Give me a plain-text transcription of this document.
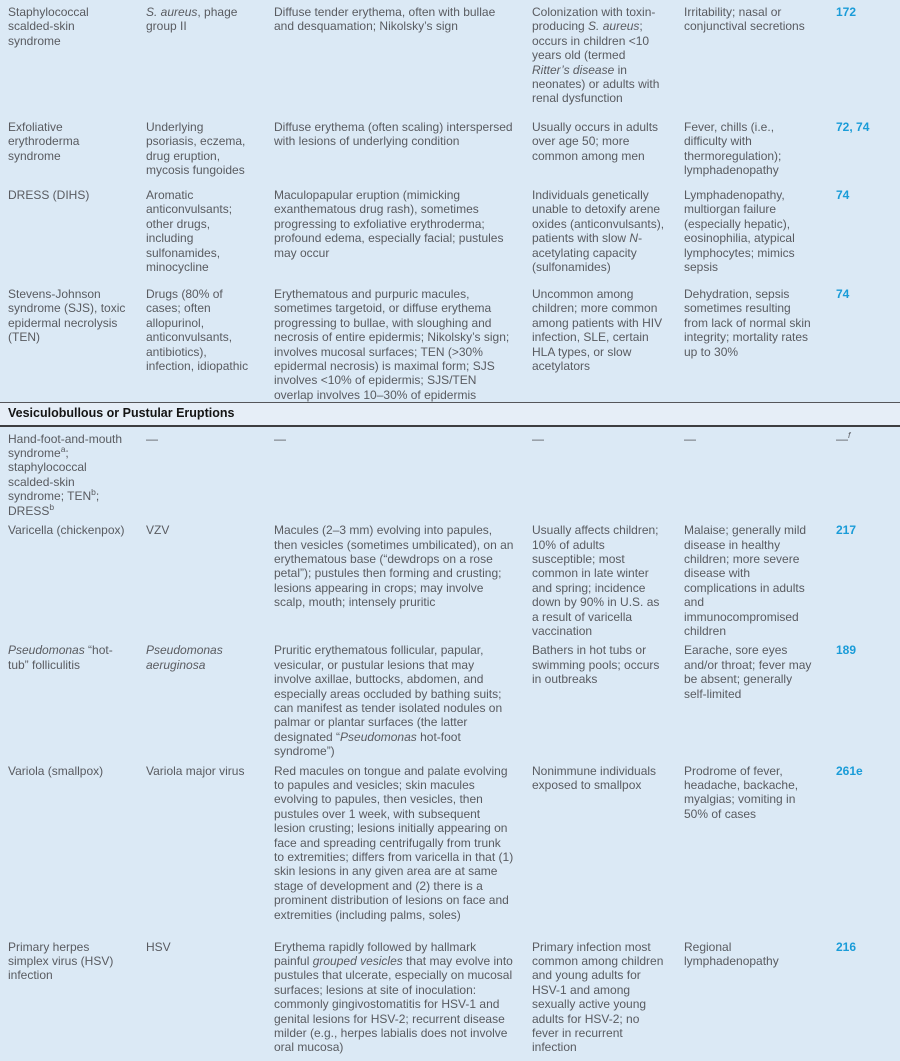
Staphylococcal scalded-skin syndrome	S. aureus, phage group II	Diffuse tender erythema, often with bullae and desquamation; Nikolsky’s sign	Colonization with toxin-producing S. aureus; occurs in children <10 years old (termed Ritter’s disease in neonates) or adults with renal dysfunction	Irritability; nasal or conjunctival secretions	172
Exfoliative erythroderma syndrome	Underlying psoriasis, eczema, drug eruption, mycosis fungoides	Diffuse erythema (often scaling) interspersed with lesions of underlying condition	Usually occurs in adults over age 50; more common among men	Fever, chills (i.e., difficulty with thermoregulation); lymphadenopathy	72, 74
DRESS (DIHS)	Aromatic anticonvulsants; other drugs, including sulfonamides, minocycline	Maculopapular eruption (mimicking exanthematous drug rash), sometimes progressing to exfoliative erythroderma; profound edema, especially facial; pustules may occur	Individuals genetically unable to detoxify arene oxides (anticonvulsants), patients with slow N-acetylating capacity (sulfonamides)	Lymphadenopathy, multiorgan failure (especially hepatic), eosinophilia, atypical lymphocytes; mimics sepsis	74
Stevens-Johnson syndrome (SJS), toxic epidermal necrolysis (TEN)	Drugs (80% of cases; often allopurinol, anticonvulsants, antibiotics), infection, idiopathic	Erythematous and purpuric macules, sometimes targetoid, or diffuse erythema progressing to bullae, with sloughing and necrosis of entire epidermis; Nikolsky’s sign; involves mucosal surfaces; TEN (>30% epidermal necrosis) is maximal form; SJS involves <10% of epidermis; SJS/TEN overlap involves 10–30% of epidermis	Uncommon among children; more common among patients with HIV infection, SLE, certain HLA types, or slow acetylators	Dehydration, sepsis sometimes resulting from lack of normal skin integrity; mortality rates up to 30%	74
Vesiculobullous or Pustular Eruptions					
Hand-foot-and-mouth syndrome$^a$; staphylococcal scalded-skin syndrome; TEN$^b$; DRESS$^b$	—	—	—	—	—$^f$
Varicella (chickenpox)	VZV	Macules (2–3 mm) evolving into papules, then vesicles (sometimes umbilicated), on an erythematous base (“dewdrops on a rose petal”); pustules then forming and crusting; lesions appearing in crops; may involve scalp, mouth; intensely pruritic	Usually affects children; 10% of adults susceptible; most common in late winter and spring; incidence down by 90% in U.S. as a result of varicella vaccination	Malaise; generally mild disease in healthy children; more severe disease with complications in adults and immunocompromised children	217
Pseudomonas “hot-tub” folliculitis	Pseudomonas aeruginosa	Pruritic erythematous follicular, papular, vesicular, or pustular lesions that may involve axillae, buttocks, abdomen, and especially areas occluded by bathing suits; can manifest as tender isolated nodules on palmar or plantar surfaces (the latter designated “Pseudomonas hot-foot syndrome”)	Bathers in hot tubs or swimming pools; occurs in outbreaks	Earache, sore eyes and/or throat; fever may be absent; generally self-limited	189
Variola (smallpox)	Variola major virus	Red macules on tongue and palate evolving to papules and vesicles; skin macules evolving to papules, then vesicles, then pustules over 1 week, with subsequent lesion crusting; lesions initially appearing on face and spreading centrifugally from trunk to extremities; differs from varicella in that (1) skin lesions in any given area are at same stage of development and (2) there is a prominent distribution of lesions on face and extremities (including palms, soles)	Nonimmune individuals exposed to smallpox	Prodrome of fever, headache, backache, myalgias; vomiting in 50% of cases	261e
Primary herpes simplex virus (HSV) infection	HSV	Erythema rapidly followed by hallmark painful grouped vesicles that may evolve into pustules that ulcerate, especially on mucosal surfaces; lesions at site of inoculation: commonly gingivostomatitis for HSV-1 and genital lesions for HSV-2; recurrent disease milder (e.g., herpes labialis does not involve oral mucosa)	Primary infection most common among children and young adults for HSV-1 and among sexually active young adults for HSV-2; no fever in recurrent infection	Regional lymphadenopathy	216
